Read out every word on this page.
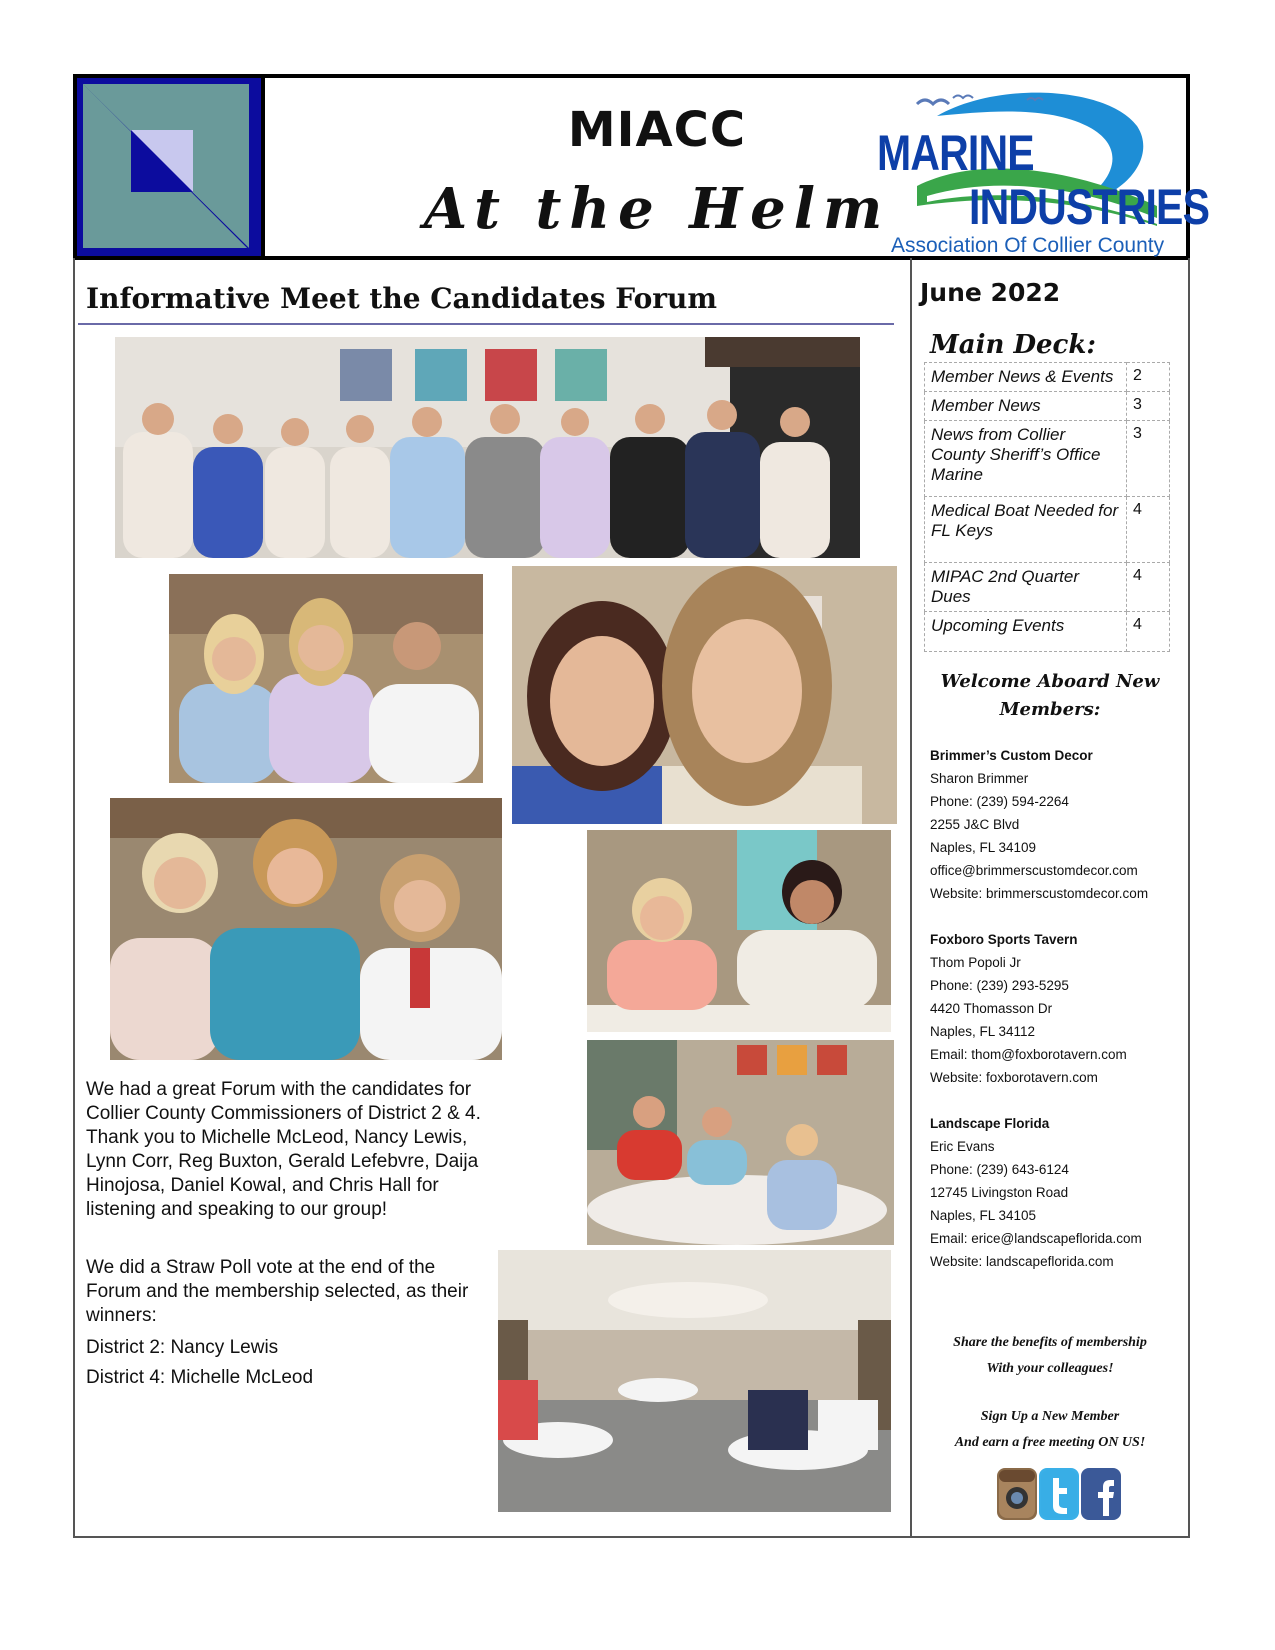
MIACC
At the Helm
MARINE
INDUSTRIES
Association Of Collier County
Informative Meet the Candidates Forum

We had a great Forum with the candidates for Collier County Commissioners of District 2 & 4. Thank you to Michelle McLeod, Nancy Lewis, Lynn Corr, Reg Buxton, Gerald Lefebvre, Daija Hinojosa, Daniel Kowal, and Chris Hall for listening and speaking to our group!

We did a Straw Poll vote at the end of the Forum and the membership selected, as their winners:

District 2: Nancy Lewis

District 4: Michelle McLeod

June 2022
Main Deck:
Member News & Events	2
Member News	3
News from Collier County Sheriff’s Office Marine	3
Medical Boat Needed for FL Keys	4
MIPAC 2nd Quarter Dues	4
Upcoming Events	4
Welcome Aboard New Members:
Brimmer’s Custom Decor
Sharon Brimmer
Phone: (239) 594-2264
2255 J&C Blvd
Naples, FL 34109
office@brimmerscustomdecor.com
Website: brimmerscustomdecor.com
Foxboro Sports Tavern
Thom Popoli Jr
Phone: (239) 293-5295
4420 Thomasson Dr
Naples, FL 34112
Email: thom@foxborotavern.com
Website: foxborotavern.com
Landscape Florida
Eric Evans
Phone: (239) 643-6124
12745 Livingston Road
Naples, FL 34105
Email: erice@landscapeflorida.com
Website: landscapeflorida.com
Share the benefits of membership
With your colleagues!
Sign Up a New Member
And earn a free meeting ON US!
